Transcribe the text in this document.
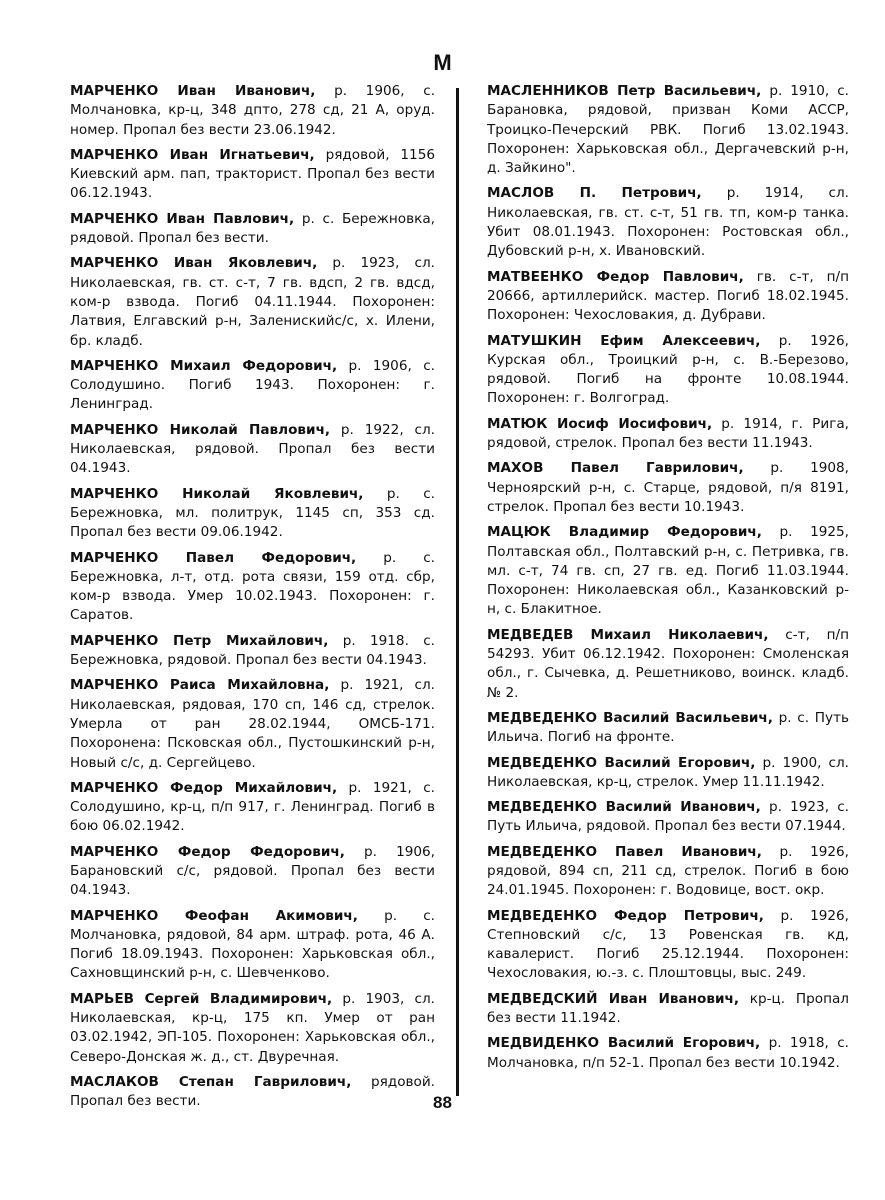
М

МАРЧЕНКО Иван Иванович, р. 1906, с. Молчановка, кр-ц, 348 дпто, 278 сд, 21 А, оруд. номер. Пропал без вести 23.06.1942.

МАРЧЕНКО Иван Игнатьевич, рядовой, 1156 Киевский арм. пап, тракторист. Пропал без вести 06.12.1943.

МАРЧЕНКО Иван Павлович, р. с. Бережновка, рядовой. Пропал без вести.

МАРЧЕНКО Иван Яковлевич, р. 1923, сл. Николаевская, гв. ст. с-т, 7 гв. вдсп, 2 гв. вдсд, ком-р взвода. Погиб 04.11.1944. Похоронен: Латвия, Елгавский р-н, Заленискийс/с, х. Илени, бр. кладб.

МАРЧЕНКО Михаил Федорович, р. 1906, с. Солодушино. Погиб 1943. Похоронен: г. Ленинград.

МАРЧЕНКО Николай Павлович, р. 1922, сл. Николаевская, рядовой. Пропал без вести 04.1943.

МАРЧЕНКО Николай Яковлевич, р. с. Бережновка, мл. политрук, 1145 сп, 353 сд. Пропал без вести 09.06.1942.

МАРЧЕНКО Павел Федорович, р. с. Бережновка, л-т, отд. рота связи, 159 отд. сбр, ком-р взвода. Умер 10.02.1943. Похоронен: г. Саратов.

МАРЧЕНКО Петр Михайлович, р. 1918. с. Бережновка, рядовой. Пропал без вести 04.1943.

МАРЧЕНКО Раиса Михайловна, р. 1921, сл. Николаевская, рядовая, 170 сп, 146 сд, стрелок. Умерла от ран 28.02.1944, ОМСБ-171. Похоронена: Псковская обл., Пустошкинский р-н, Новый с/с, д. Сергейцево.

МАРЧЕНКО Федор Михайлович, р. 1921, с. Солодушино, кр-ц, п/п 917, г. Ленинград. Погиб в бою 06.02.1942.

МАРЧЕНКО Федор Федорович, р. 1906, Барановский с/с, рядовой. Пропал без вести 04.1943.

МАРЧЕНКО Феофан Акимович, р. с. Молчановка, рядовой, 84 арм. штраф. рота, 46 А. Погиб 18.09.1943. Похоронен: Харьковская обл., Сахновщинский р-н, с. Шевченково.

МАРЬЕВ Сергей Владимирович, р. 1903, сл. Николаевская, кр-ц, 175 кп. Умер от ран 03.02.1942, ЭП-105. Похоронен: Харьковская обл., Северо-Донская ж. д., ст. Двуречная.

МАСЛАКОВ Степан Гаврилович, рядовой. Пропал без вести.

МАСЛЕННИКОВ Петр Васильевич, р. 1910, с. Барановка, рядовой, призван Коми АССР, Троицко-Печерский РВК. Погиб 13.02.1943. Похоронен: Харьковская обл., Дергачевский р-н, д. Зайкино".

МАСЛОВ П. Петрович, р. 1914, сл. Николаевская, гв. ст. с-т, 51 гв. тп, ком-р танка. Убит 08.01.1943. Похоронен: Ростовская обл., Дубовский р-н, х. Ивановский.

МАТВЕЕНКО Федор Павлович, гв. с-т, п/п 20666, артиллерийск. мастер. Погиб 18.02.1945. Похоронен: Чехословакия, д. Дубрави.

МАТУШКИН Ефим Алексеевич, р. 1926, Курская обл., Троицкий р-н, с. В.-Березово, рядовой. Погиб на фронте 10.08.1944. Похоронен: г. Волгоград.

МАТЮК Иосиф Иосифович, р. 1914, г. Рига, рядовой, стрелок. Пропал без вести 11.1943.

МАХОВ Павел Гаврилович, р. 1908, Черноярский р-н, с. Старце, рядовой, п/я 8191, стрелок. Пропал без вести 10.1943.

МАЦЮК Владимир Федорович, р. 1925, Полтавская обл., Полтавский р-н, с. Петривка, гв. мл. с-т, 74 гв. сп, 27 гв. ед. Погиб 11.03.1944. Похоронен: Николаевская обл., Казанковский р-н, с. Блакитное.

МЕДВЕДЕВ Михаил Николаевич, с-т, п/п 54293. Убит 06.12.1942. Похоронен: Смоленская обл., г. Сычевка, д. Решетниково, воинск. кладб. № 2.

МЕДВЕДЕНКО Василий Васильевич, р. с. Путь Ильича. Погиб на фронте.

МЕДВЕДЕНКО Василий Егорович, р. 1900, сл. Николаевская, кр-ц, стрелок. Умер 11.11.1942.

МЕДВЕДЕНКО Василий Иванович, р. 1923, с. Путь Ильича, рядовой. Пропал без вести 07.1944.

МЕДВЕДЕНКО Павел Иванович, р. 1926, рядовой, 894 сп, 211 сд, стрелок. Погиб в бою 24.01.1945. Похоронен: г. Водовице, вост. окр.

МЕДВЕДЕНКО Федор Петрович, р. 1926, Степновский с/с, 13 Ровенская гв. кд, кавалерист. Погиб 25.12.1944. Похоронен: Чехословакия, ю.-з. с. Плоштовцы, выс. 249.

МЕДВЕДСКИЙ Иван Иванович, кр-ц. Пропал без вести 11.1942.

МЕДВИДЕНКО Василий Егорович, р. 1918, с. Молчановка, п/п 52-1. Пропал без вести 10.1942.

88
